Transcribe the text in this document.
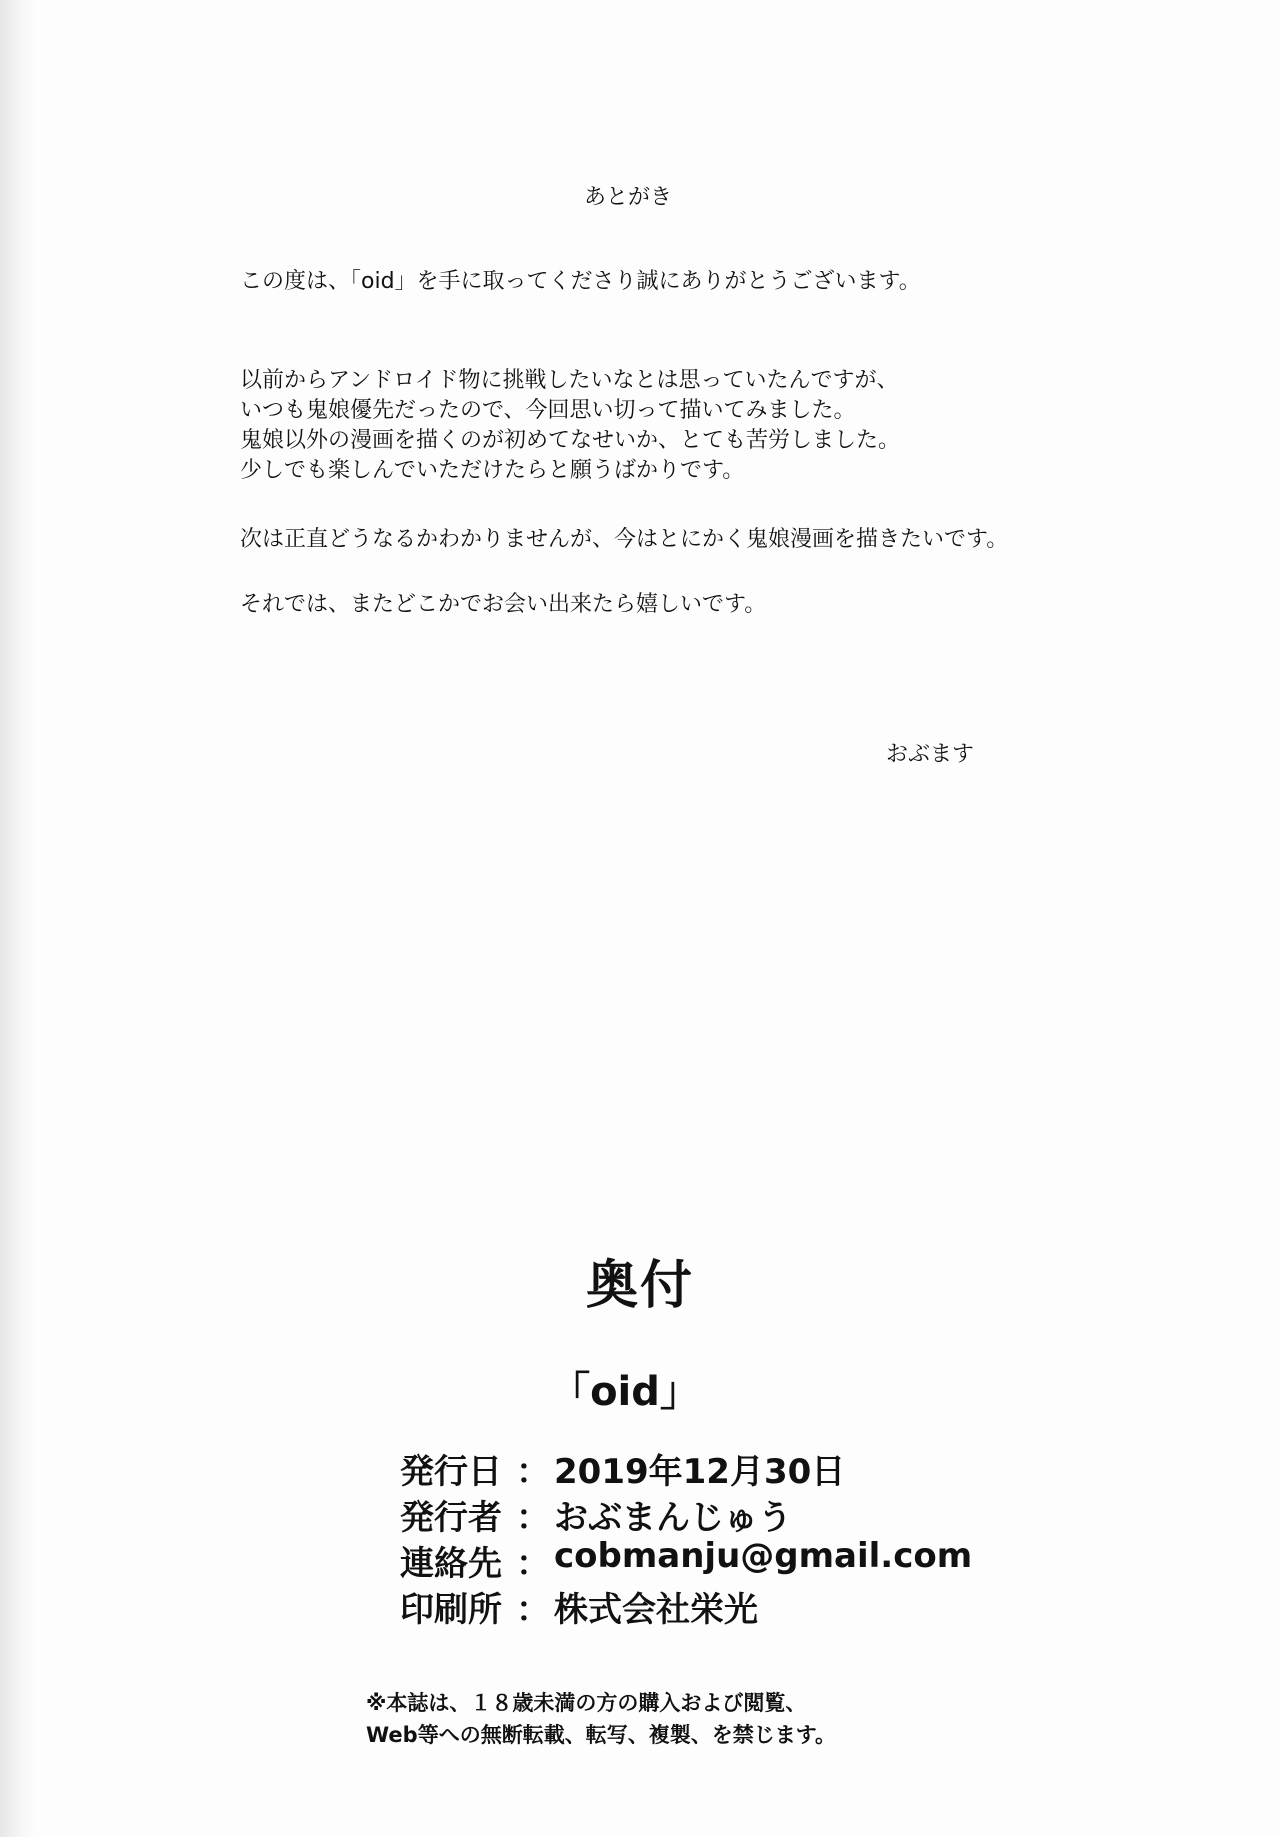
あとがき
この度は、「oid」を手に取ってくださり誠にありがとうございます。
以前からアンドロイド物に挑戦したいなとは思っていたんですが、
いつも鬼娘優先だったので、今回思い切って描いてみました。
鬼娘以外の漫画を描くのが初めてなせいか、とても苦労しました。
少しでも楽しんでいただけたらと願うばかりです。
次は正直どうなるかわかりませんが、今はとにかく鬼娘漫画を描きたいです。
それでは、またどこかでお会い出来たら嬉しいです。
おぶます
奥付
「oid」
発行日 ： 2019年12月30日
発行者 ： おぶまんじゅう
連絡先 ： cobmanju@gmail.com
印刷所 ： 株式会社栄光
※本誌は、１８歳未満の方の購入および閲覧、
Web等への無断転載、転写、複製、を禁じます。
